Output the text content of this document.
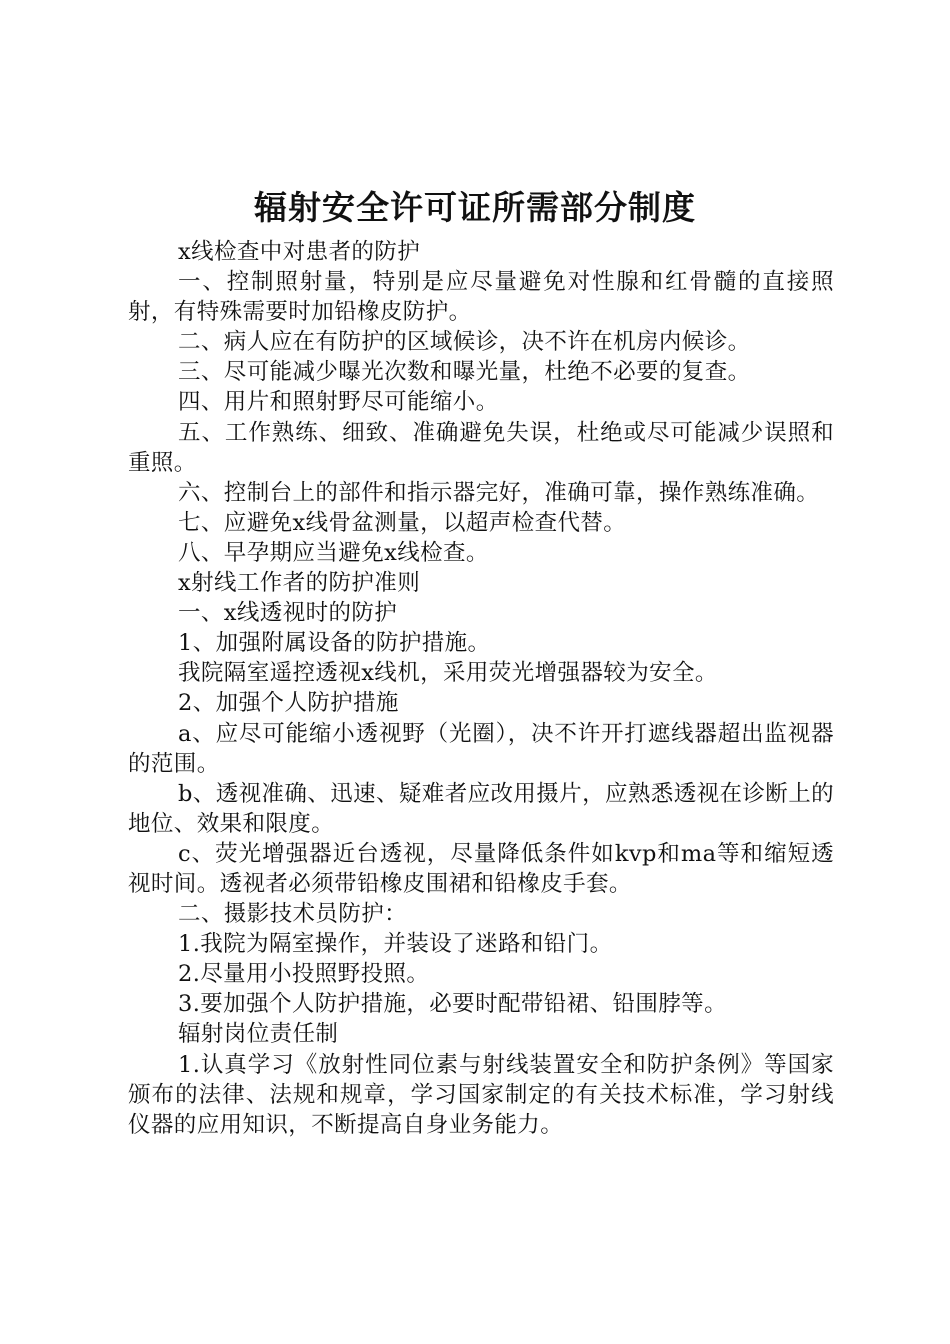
辐射安全许可证所需部分制度

x线检查中对患者的防护

一、控制照射量，特别是应尽量避免对性腺和红骨髓的直接照射，有特殊需要时加铅橡皮防护。

二、病人应在有防护的区域候诊，决不许在机房内候诊。

三、尽可能减少曝光次数和曝光量，杜绝不必要的复查。

四、用片和照射野尽可能缩小。

五、工作熟练、细致、准确避免失误，杜绝或尽可能减少误照和重照。

六、控制台上的部件和指示器完好，准确可靠，操作熟练准确。

七、应避免x线骨盆测量，以超声检查代替。

八、早孕期应当避免x线检查。

x射线工作者的防护准则

一、x线透视时的防护

1、加强附属设备的防护措施。

我院隔室遥控透视x线机，采用荧光增强器较为安全。

2、加强个人防护措施

a、应尽可能缩小透视野（光圈），决不许开打遮线器超出监视器的范围。

b、透视准确、迅速、疑难者应改用摄片，应熟悉透视在诊断上的地位、效果和限度。

c、荧光增强器近台透视，尽量降低条件如kvp和ma等和缩短透视时间。透视者必须带铅橡皮围裙和铅橡皮手套。

二、摄影技术员防护：

1.我院为隔室操作，并装设了迷路和铅门。

2.尽量用小投照野投照。

3.要加强个人防护措施，必要时配带铅裙、铅围脖等。

辐射岗位责任制

1.认真学习《放射性同位素与射线装置安全和防护条例》等国家颁布的法律、法规和规章，学习国家制定的有关技术标准，学习射线仪器的应用知识，不断提高自身业务能力。
